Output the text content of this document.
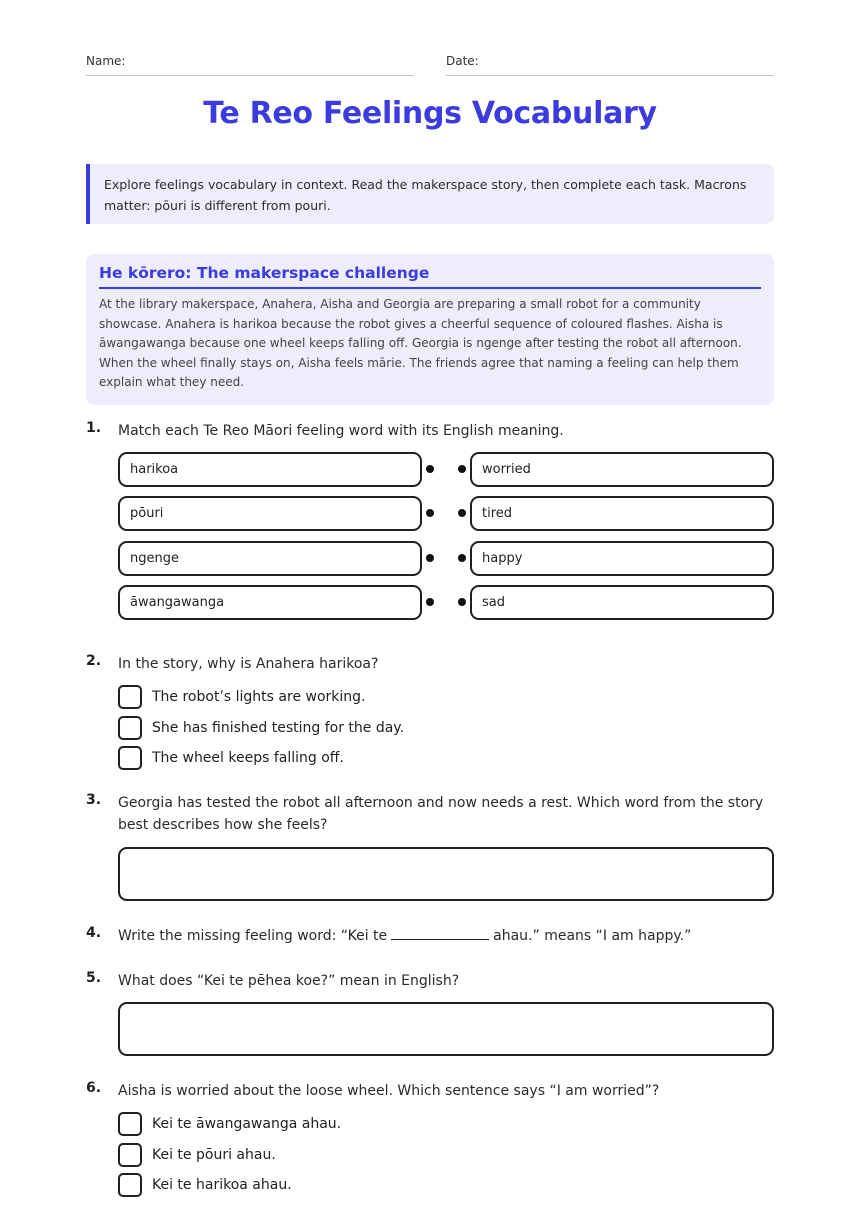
Name:	Date:
Te Reo Feelings Vocabulary
Explore feelings vocabulary in context. Read the makerspace story, then complete each task. Macrons matter: pōuri is different from pouri.
He kōrero: The makerspace challenge
At the library makerspace, Anahera, Aisha and Georgia are preparing a small robot for a community showcase. Anahera is harikoa because the robot gives a cheerful sequence of coloured flashes. Aisha is āwangawanga because one wheel keeps falling off. Georgia is ngenge after testing the robot all afternoon. When the wheel finally stays on, Aisha feels mārie. The friends agree that naming a feeling can help them explain what they need.
1. Match each Te Reo Māori feeling word with its English meaning.
harikoa
pōuri
ngenge
āwangawanga
worried
tired
happy
sad
2. In the story, why is Anahera harikoa?
The robot’s lights are working.
She has finished testing for the day.
The wheel keeps falling off.
3. Georgia has tested the robot all afternoon and now needs a rest. Which word from the story best describes how she feels?
4. Write the missing feeling word: “Kei te	ahau.” means “I am happy.”
5. What does “Kei te pēhea koe?” mean in English?
6. Aisha is worried about the loose wheel. Which sentence says “I am worried”?
Kei te āwangawanga ahau.
Kei te pōuri ahau.
Kei te harikoa ahau.
